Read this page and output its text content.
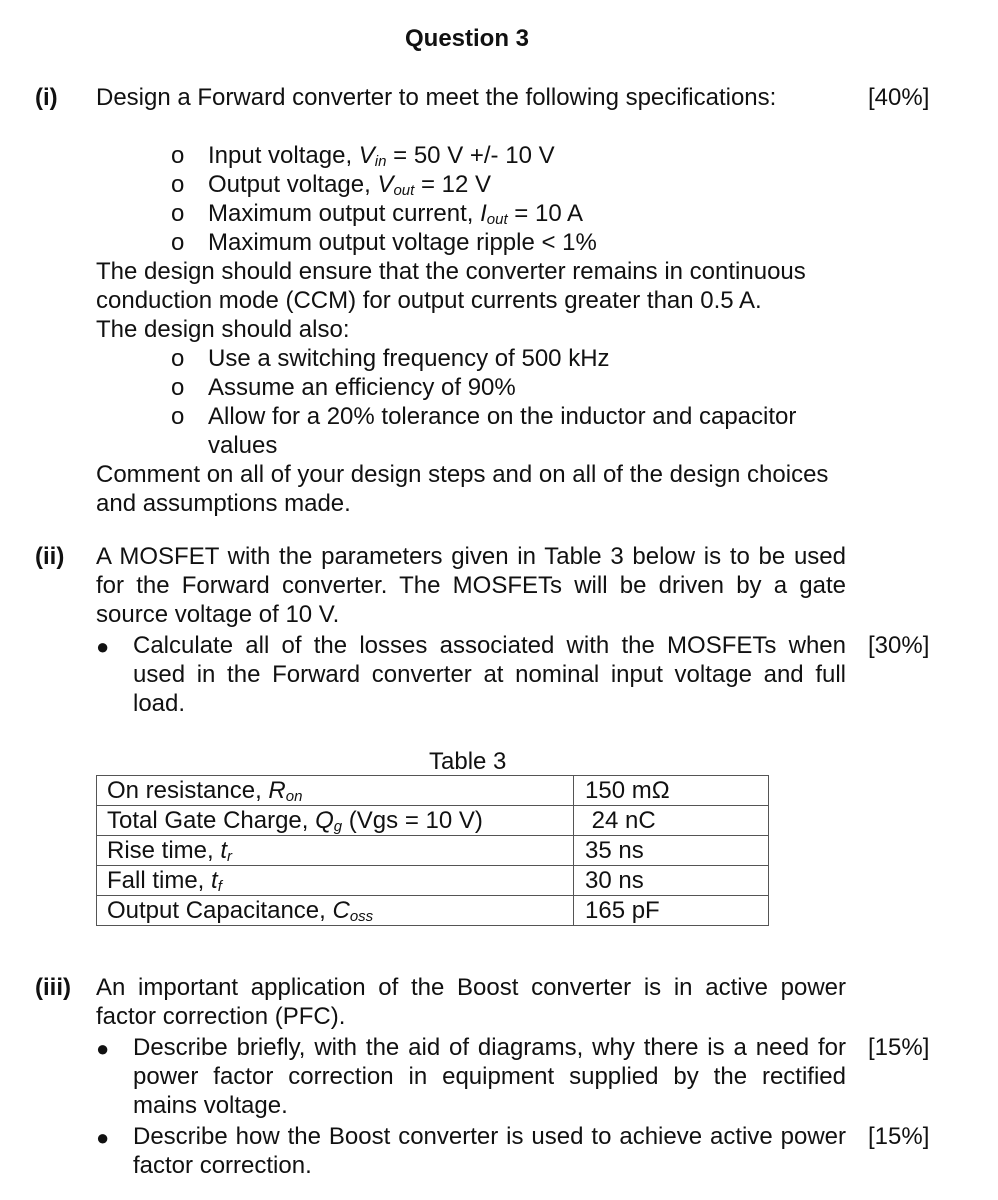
Question 3
(i) Design a Forward converter to meet the following specifications:	[40%]
o Input voltage, $V_{in} = 50$ V +/- 10 V
o Output voltage, $V_{out} = 12$ V
o Maximum output current, $I_{out} = 10$ A
o Maximum output voltage ripple < 1%
The design should ensure that the converter remains in continuous conduction mode (CCM) for output currents greater than 0.5 A.
The design should also:
o Use a switching frequency of 500 kHz
o Assume an efficiency of 90%
o Allow for a 20% tolerance on the inductor and capacitor values
Comment on all of your design steps and on all of the design choices and assumptions made.
(ii) A MOSFET with the parameters given in Table 3 below is to be used for the Forward converter. The MOSFETs will be driven by a gate source voltage of 10 V.
● Calculate all of the losses associated with the MOSFETs when used in the Forward converter at nominal input voltage and full load.
[30%]
Table 3
On resistance, $R_{on}$	150 mΩ
Total Gate Charge, $Q_g$ (Vgs = 10 V)	24 nC
Rise time, $t_r$	35 ns
Fall time, $t_f$	30 ns
Output Capacitance, $C_{oss}$	165 pF
(iii) An important application of the Boost converter is in active power factor correction (PFC).
● Describe briefly, with the aid of diagrams, why there is a need for power factor correction in equipment supplied by the rectified mains voltage.
[15%]
● Describe how the Boost converter is used to achieve active power factor correction.
[15%]
